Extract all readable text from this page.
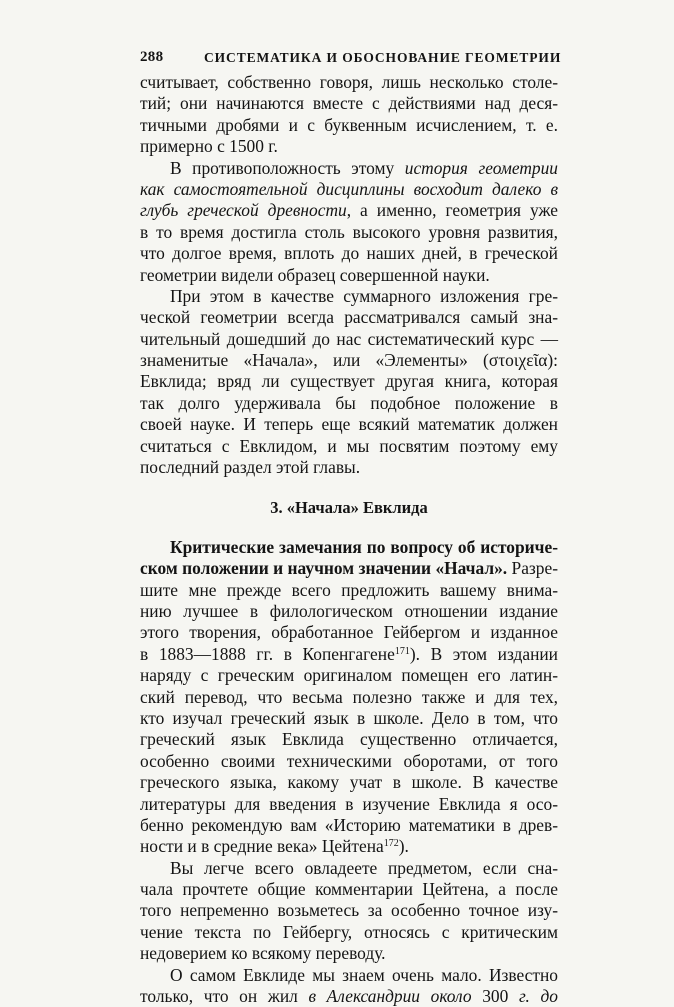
288	СИСТЕМАТИКА И ОБОСНОВАНИЕ ГЕОМЕТРИИ
считывает, собственно говоря, лишь несколько столе-
тий; они начинаются вместе с действиями над деся-
тичными дробями и с буквенным исчислением, т. е.
примерно с 1500 г.
В противоположность этому история геометрии
как самостоятельной дисциплины восходит далеко в
глубь греческой древности, а именно, геометрия уже
в то время достигла столь высокого уровня развития,
что долгое время, вплоть до наших дней, в греческой
геометрии видели образец совершенной науки.
При этом в качестве суммарного изложения гре-
ческой геометрии всегда рассматривался самый зна-
чительный дошедший до нас систематический курс —
знаменитые «Начала», или «Элементы» (στοιχεῖα):
Евклида; вряд ли существует другая книга, которая
так долго удерживала бы подобное положение в
своей науке. И теперь еще всякий математик должен
считаться с Евклидом, и мы посвятим поэтому ему
последний раздел этой главы.
3. «Начала» Евклида
Критические замечания по вопросу об историче-
ском положении и научном значении «Начал». Разре-
шите мне прежде всего предложить вашему внима-
нию лучшее в филологическом отношении издание
этого творения, обработанное Гейбергом и изданное
в 1883—1888 гг. в Копенгагене$^{171}$). В этом издании
наряду с греческим оригиналом помещен его латин-
ский перевод, что весьма полезно также и для тех,
кто изучал греческий язык в школе. Дело в том, что
греческий язык Евклида существенно отличается,
особенно своими техническими оборотами, от того
греческого языка, какому учат в школе. В качестве
литературы для введения в изучение Евклида я осо-
бенно рекомендую вам «Историю математики в древ-
ности и в средние века» Цейтена$^{172}$).
Вы легче всего овладеете предметом, если сна-
чала прочтете общие комментарии Цейтена, а после
того непременно возьметесь за особенно точное изу-
чение текста по Гейбергу, относясь с критическим
недоверием ко всякому переводу.
О самом Евклиде мы знаем очень мало. Известно
только, что он жил в Александрии около 300 г. до
